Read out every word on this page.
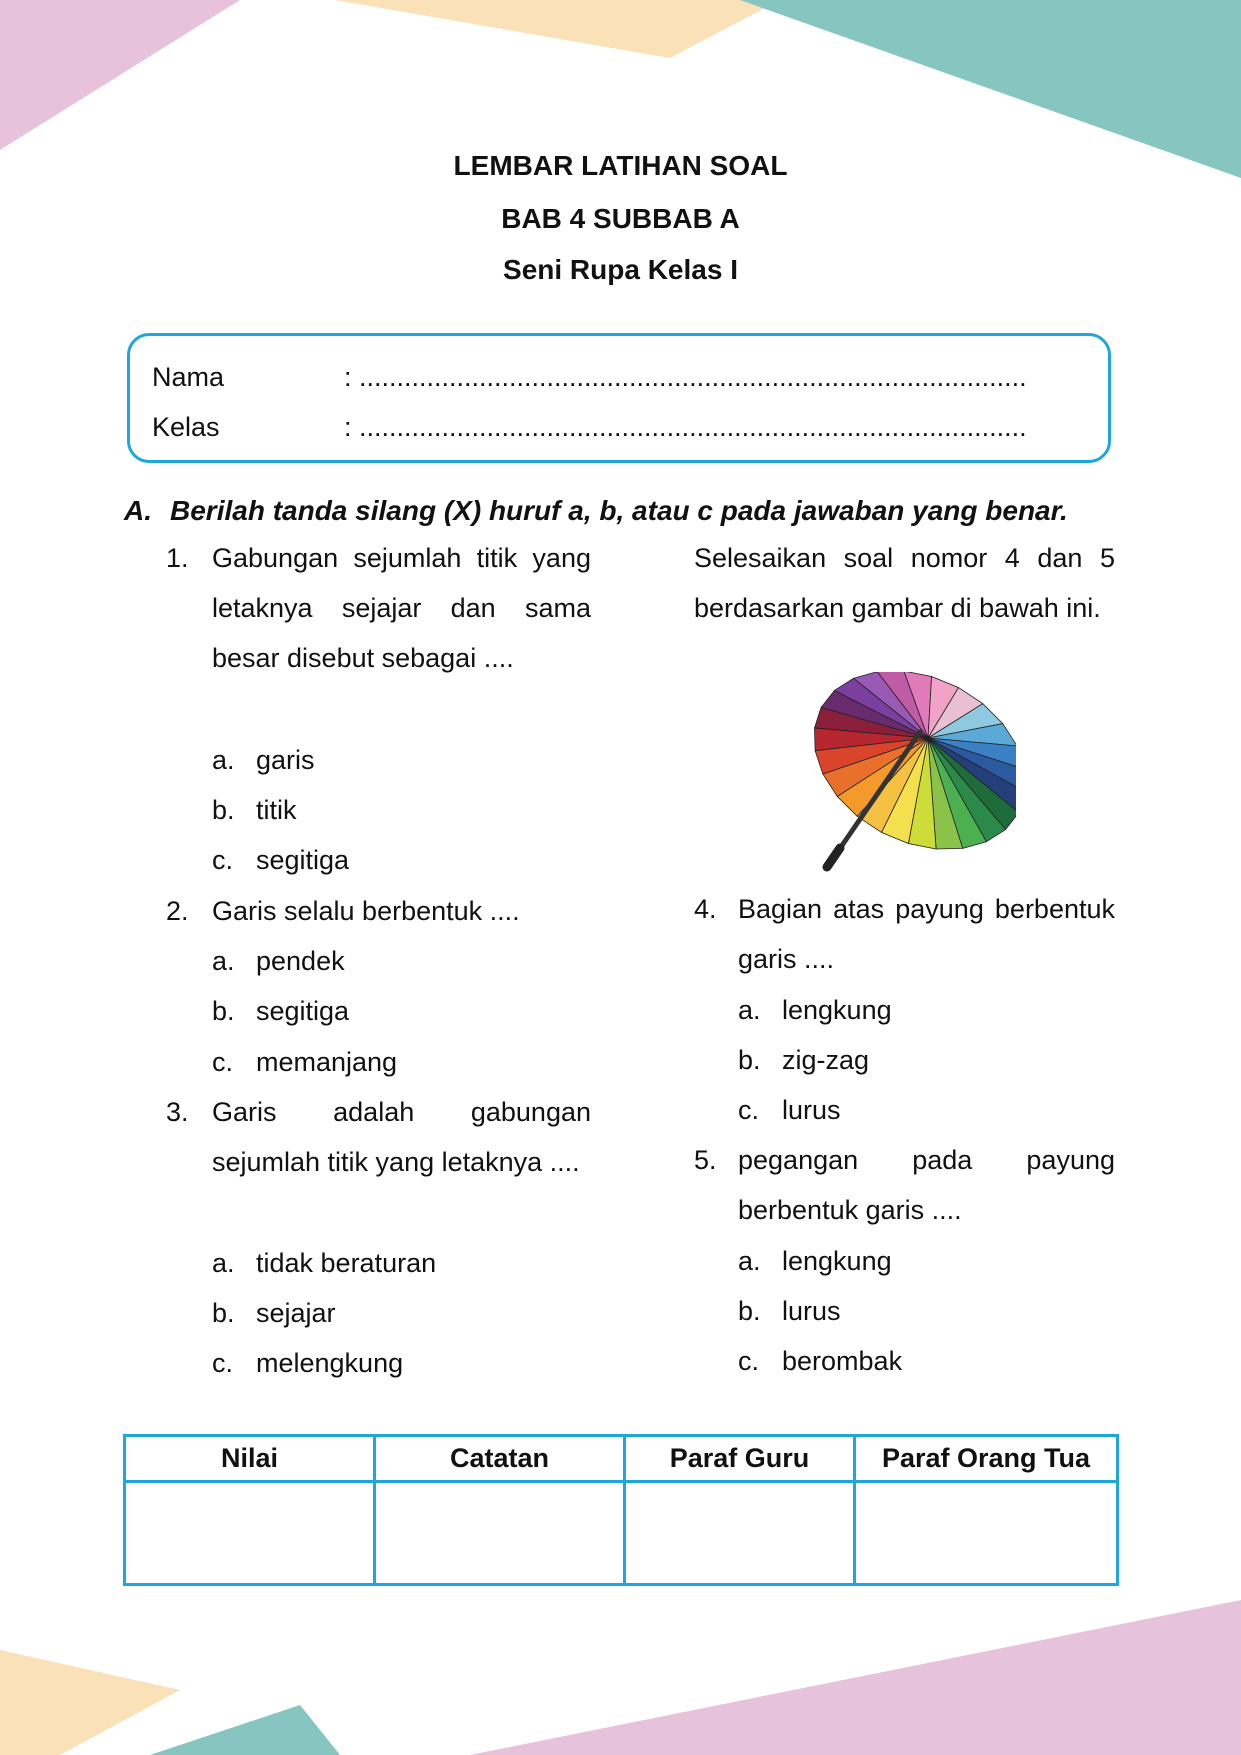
LEMBAR LATIHAN SOAL
BAB 4 SUBBAB A
Seni Rupa Kelas I
Nama	: .........................................................................................
Kelas	: .........................................................................................
A. Berilah tanda silang (X) huruf a, b, atau c pada jawaban yang benar.
1. Gabungan sejumlah titik yang letaknya sejajar dan sama besar disebut sebagai ....
a. garis
b. titik
c. segitiga
2. Garis selalu berbentuk ....
a. pendek
b. segitiga
c. memanjang
3. Garis adalah gabungan sejumlah titik yang letaknya ....
a. tidak beraturan
b. sejajar
c. melengkung
Selesaikan soal nomor 4 dan 5 berdasarkan gambar di bawah ini.
4. Bagian atas payung berbentuk garis ....
a. lengkung
b. zig-zag
c. lurus
5. pegangan pada payung berbentuk garis ....
a. lengkung
b. lurus
c. berombak
Nilai	Catatan	Paraf Guru	Paraf Orang Tua
